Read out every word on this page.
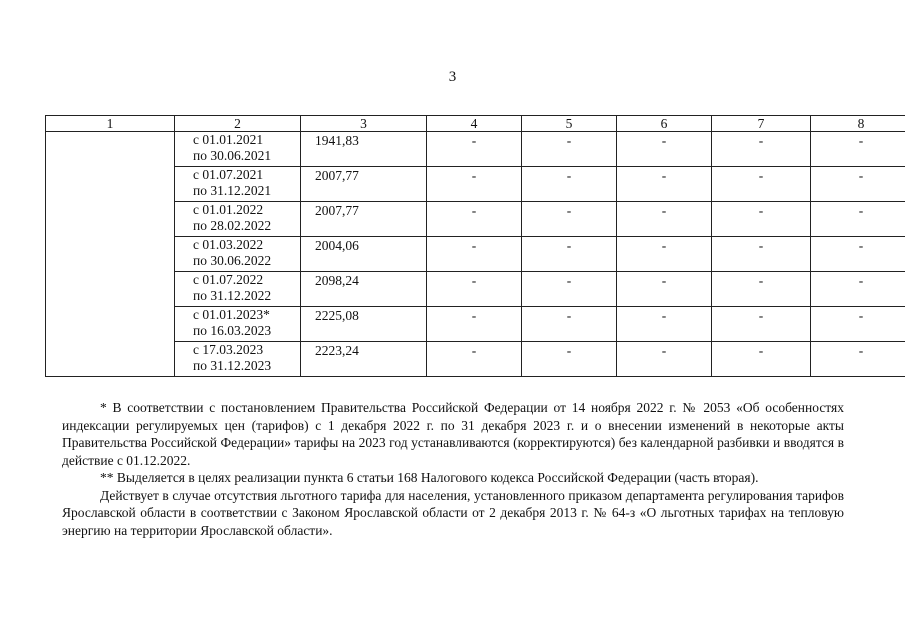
3
1	2	3	4	5	6	7	8

	с 01.01.2021
по 30.06.2021	1941,83	-	-	-	-	-

	с 01.07.2021
по 31.12.2021	2007,77	-	-	-	-	-

	с 01.01.2022
по 28.02.2022	2007,77	-	-	-	-	-

	с 01.03.2022
по 30.06.2022	2004,06	-	-	-	-	-

	с 01.07.2022
по 31.12.2022	2098,24	-	-	-	-	-

	с 01.01.2023*
по 16.03.2023	2225,08	-	-	-	-	-

	с 17.03.2023
по 31.12.2023	2223,24	-	-	-	-	-

* В соответствии с постановлением Правительства Российской Федерации от 14 ноября 2022 г. № 2053 «Об особенностях индексации регулируемых цен (тарифов) с 1 декабря 2022 г. по 31 декабря 2023 г. и о внесении изменений в некоторые акты Правительства Российской Федерации» тарифы на 2023 год устанавливаются (корректируются) без календарной разбивки и вводятся в действие с 01.12.2022.

** Выделяется в целях реализации пункта 6 статьи 168 Налогового кодекса Российской Федерации (часть вторая).

Действует в случае отсутствия льготного тарифа для населения, установленного приказом департамента регулирования тарифов Ярославской области в соответствии с Законом Ярославской области от 2 декабря 2013 г. № 64-з «О льготных тарифах на тепловую энергию на территории Ярославской области».
